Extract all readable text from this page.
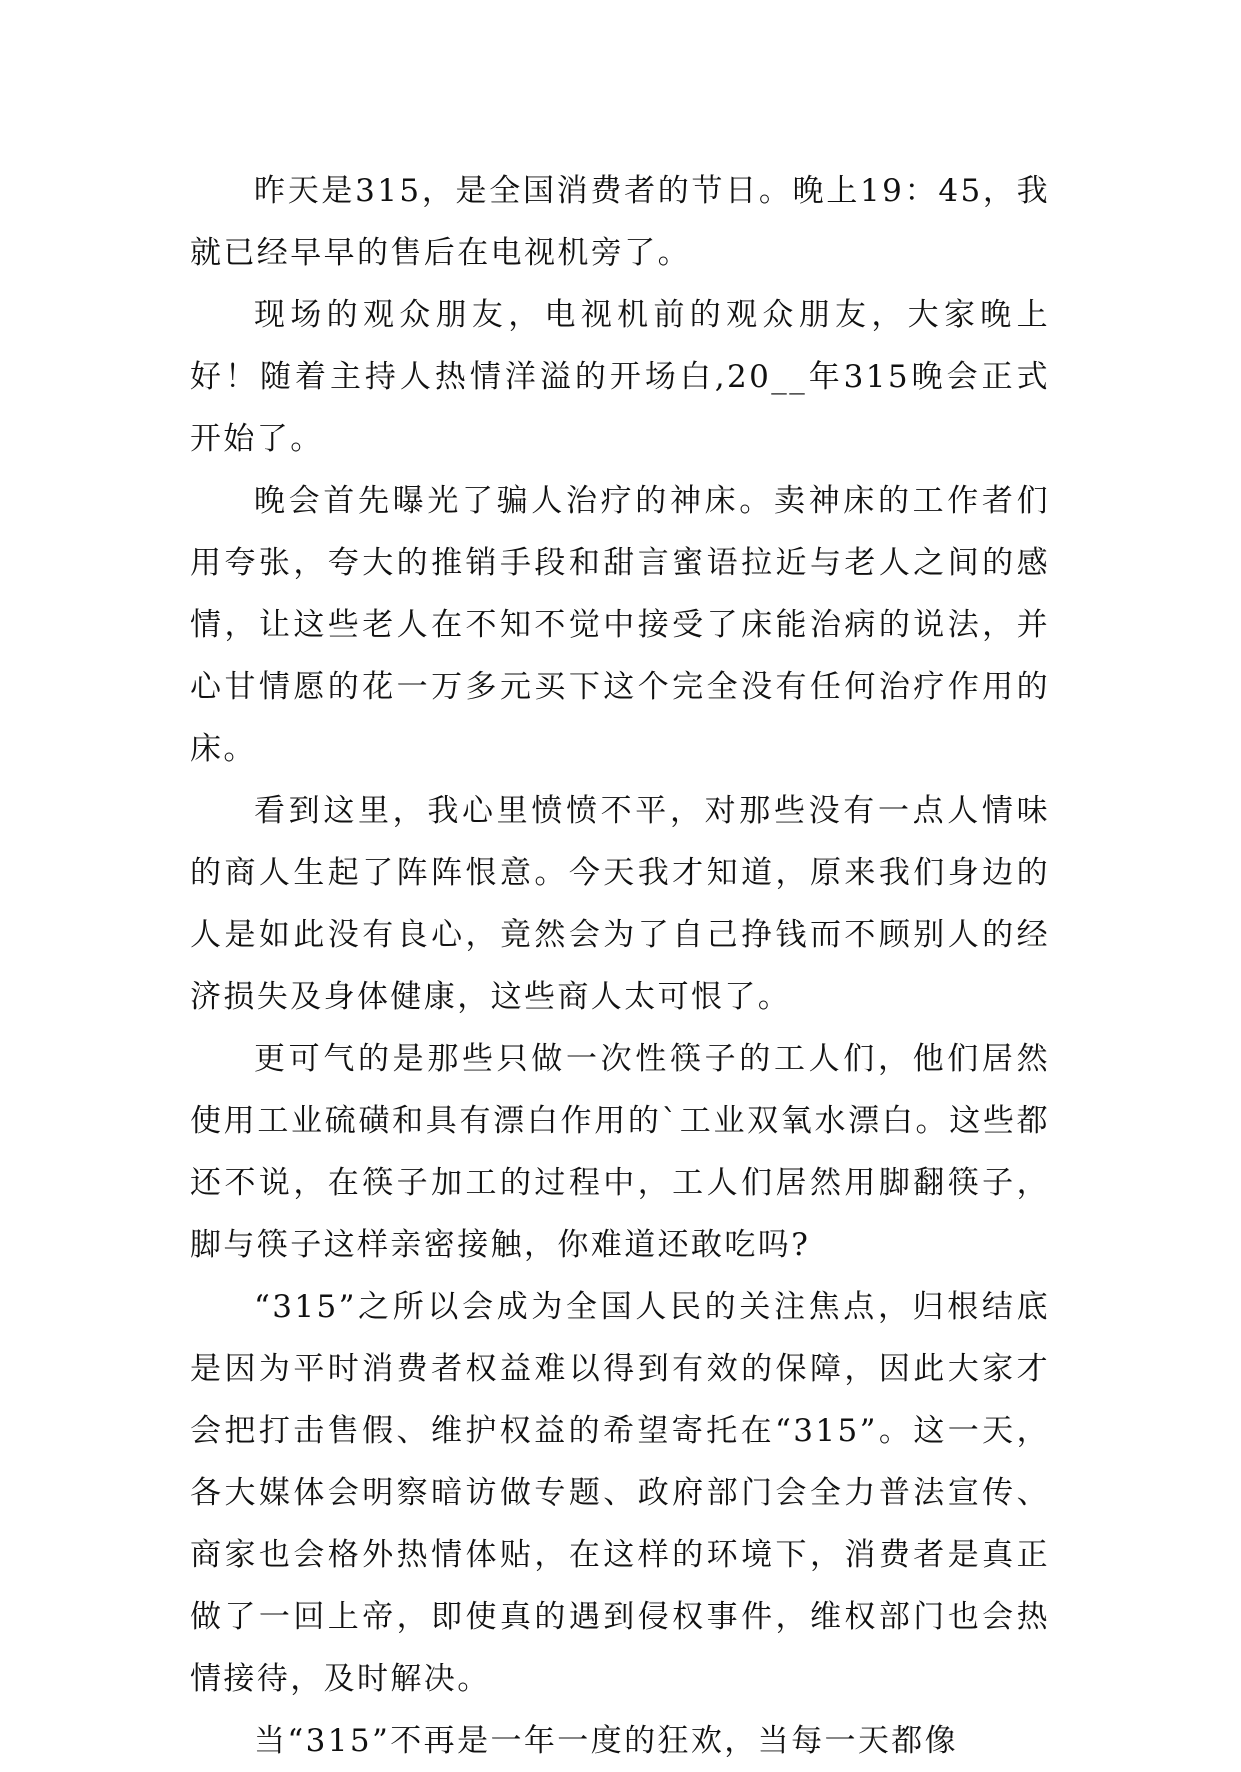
昨天是315，是全国消费者的节日。晚上19：45，我就已经早早的售后在电视机旁了。

现场的观众朋友，电视机前的观众朋友，大家晚上好！随着主持人热情洋溢的开场白,20__年315晚会正式开始了。

晚会首先曝光了骗人治疗的神床。卖神床的工作者们用夸张，夸大的推销手段和甜言蜜语拉近与老人之间的感情，让这些老人在不知不觉中接受了床能治病的说法，并心甘情愿的花一万多元买下这个完全没有任何治疗作用的床。

看到这里，我心里愤愤不平，对那些没有一点人情味的商人生起了阵阵恨意。今天我才知道，原来我们身边的人是如此没有良心，竟然会为了自己挣钱而不顾别人的经济损失及身体健康，这些商人太可恨了。

更可气的是那些只做一次性筷子的工人们，他们居然使用工业硫磺和具有漂白作用的`工业双氧水漂白。这些都还不说，在筷子加工的过程中，工人们居然用脚翻筷子，脚与筷子这样亲密接触，你难道还敢吃吗?

“315”之所以会成为全国人民的关注焦点，归根结底是因为平时消费者权益难以得到有效的保障，因此大家才会把打击售假、维护权益的希望寄托在“315”。这一天，各大媒体会明察暗访做专题、政府部门会全力普法宣传、商家也会格外热情体贴，在这样的环境下，消费者是真正做了一回上帝，即使真的遇到侵权事件，维权部门也会热情接待，及时解决。

当“315”不再是一年一度的狂欢，当每一天都像
